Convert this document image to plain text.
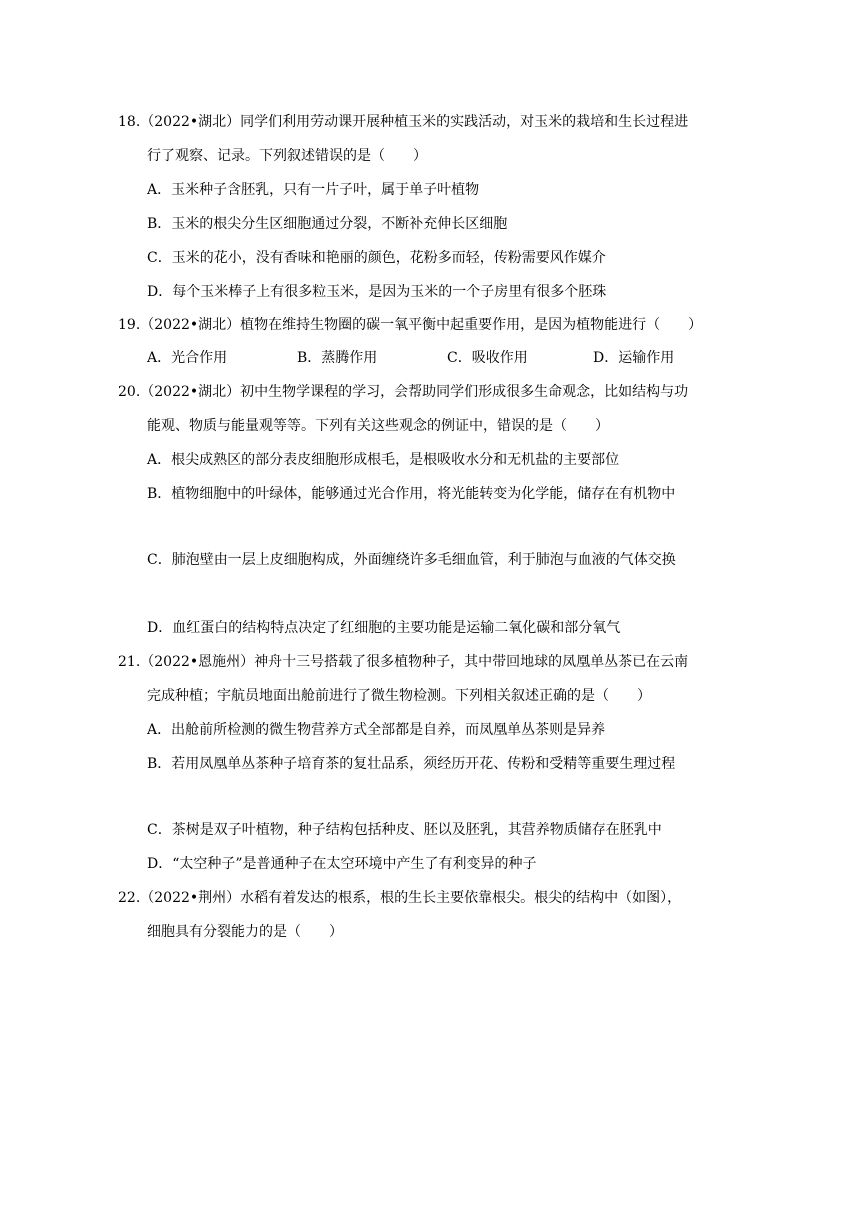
18.（2022•湖北）同学们利用劳动课开展种植玉米的实践活动，对玉米的栽培和生长过程进
行了观察、记录。下列叙述错误的是（　　）
A．玉米种子含胚乳，只有一片子叶，属于单子叶植物
B．玉米的根尖分生区细胞通过分裂，不断补充伸长区细胞
C．玉米的花小，没有香味和艳丽的颜色，花粉多而轻，传粉需要风作媒介
D．每个玉米棒子上有很多粒玉米，是因为玉米的一个子房里有很多个胚珠
19.（2022•湖北）植物在维持生物圈的碳一氧平衡中起重要作用，是因为植物能进行（　　）
A．光合作用	B．蒸腾作用	C．吸收作用	D．运输作用
20.（2022•湖北）初中生物学课程的学习，会帮助同学们形成很多生命观念，比如结构与功
能观、物质与能量观等等。下列有关这些观念的例证中，错误的是（　　）
A．根尖成熟区的部分表皮细胞形成根毛，是根吸收水分和无机盐的主要部位
B．植物细胞中的叶绿体，能够通过光合作用，将光能转变为化学能，储存在有机物中
C．肺泡壁由一层上皮细胞构成，外面缠绕许多毛细血管，利于肺泡与血液的气体交换
D．血红蛋白的结构特点决定了红细胞的主要功能是运输二氧化碳和部分氧气
21.（2022•恩施州）神舟十三号搭载了很多植物种子，其中带回地球的凤凰单丛茶已在云南
完成种植；宇航员地面出舱前进行了微生物检测。下列相关叙述正确的是（　　）
A．出舱前所检测的微生物营养方式全部都是自养，而凤凰单丛茶则是异养
B．若用凤凰单丛茶种子培育茶的复壮品系，须经历开花、传粉和受精等重要生理过程
C．茶树是双子叶植物，种子结构包括种皮、胚以及胚乳，其营养物质储存在胚乳中
D．“太空种子”是普通种子在太空环境中产生了有利变异的种子
22.（2022•荆州）水稻有着发达的根系，根的生长主要依靠根尖。根尖的结构中（如图），
细胞具有分裂能力的是（　　）
